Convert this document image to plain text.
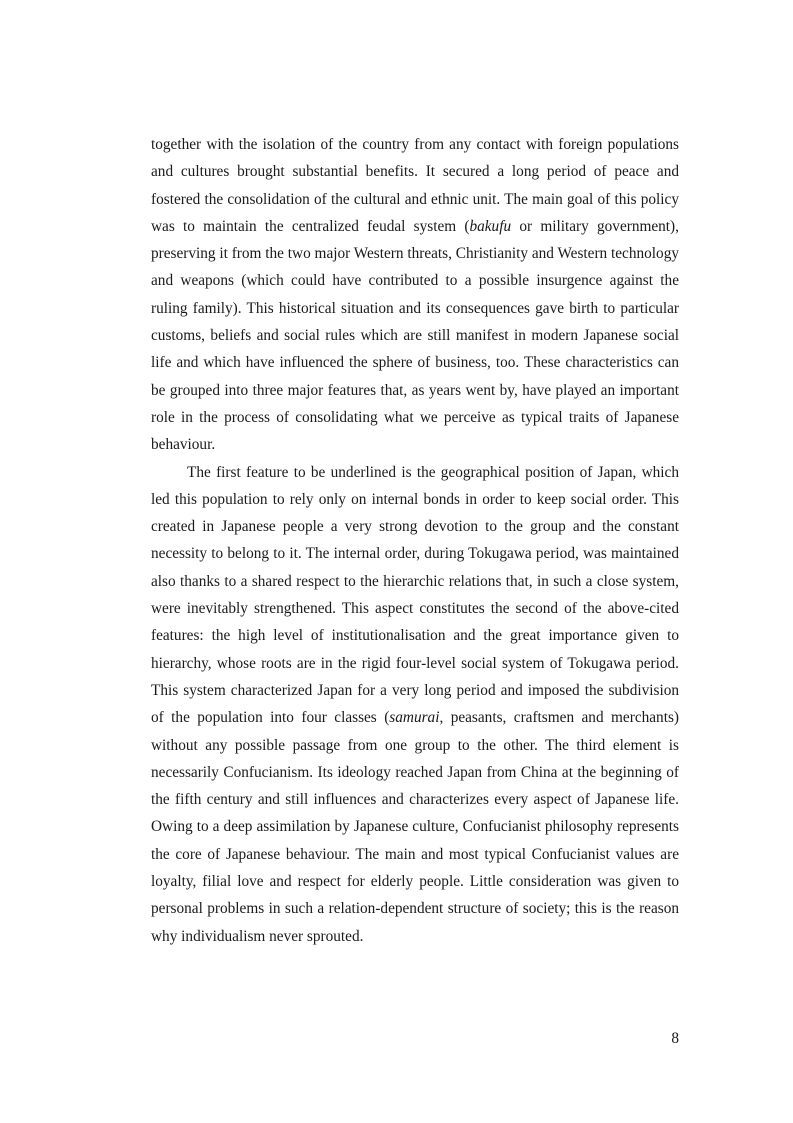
together with the isolation of the country from any contact with foreign populations and cultures brought substantial benefits. It secured a long period of peace and fostered the consolidation of the cultural and ethnic unit. The main goal of this policy was to maintain the centralized feudal system (bakufu or military government), preserving it from the two major Western threats, Christianity and Western technology and weapons (which could have contributed to a possible insurgence against the ruling family). This historical situation and its consequences gave birth to particular customs, beliefs and social rules which are still manifest in modern Japanese social life and which have influenced the sphere of business, too. These characteristics can be grouped into three major features that, as years went by, have played an important role in the process of consolidating what we perceive as typical traits of Japanese behaviour.

The first feature to be underlined is the geographical position of Japan, which led this population to rely only on internal bonds in order to keep social order. This created in Japanese people a very strong devotion to the group and the constant necessity to belong to it. The internal order, during Tokugawa period, was maintained also thanks to a shared respect to the hierarchic relations that, in such a close system, were inevitably strengthened. This aspect constitutes the second of the above-cited features: the high level of institutionalisation and the great importance given to hierarchy, whose roots are in the rigid four-level social system of Tokugawa period. This system characterized Japan for a very long period and imposed the subdivision of the population into four classes (samurai, peasants, craftsmen and merchants) without any possible passage from one group to the other. The third element is necessarily Confucianism. Its ideology reached Japan from China at the beginning of the fifth century and still influences and characterizes every aspect of Japanese life. Owing to a deep assimilation by Japanese culture, Confucianist philosophy represents the core of Japanese behaviour. The main and most typical Confucianist values are loyalty, filial love and respect for elderly people. Little consideration was given to personal problems in such a relation-dependent structure of society; this is the reason why individualism never sprouted.

8
